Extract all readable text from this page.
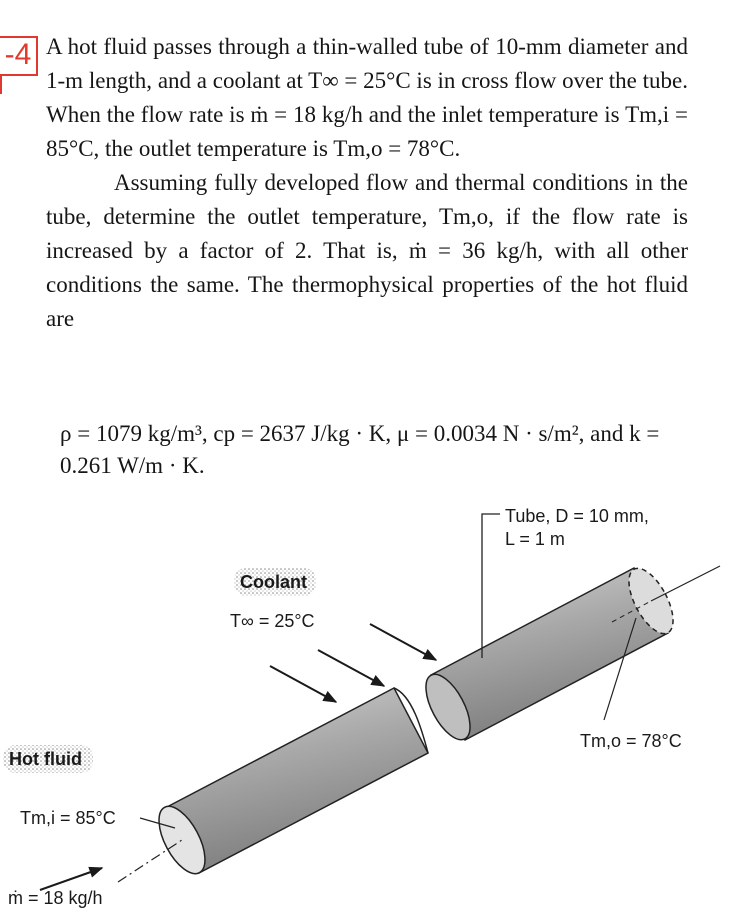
-4 A hot fluid passes through a thin-walled tube of 10-mm diameter and 1-m length, and a coolant at T∞ = 25°C is in cross flow over the tube. When the flow rate is ṁ = 18 kg/h and the inlet temperature is Tm,i = 85°C, the outlet temperature is Tm,o = 78°C.

Assuming fully developed flow and thermal conditions in the tube, determine the outlet temperature, Tm,o, if the flow rate is increased by a factor of 2. That is, ṁ = 36 kg/h, with all other conditions the same. The thermophysical properties of the hot fluid are

ρ = 1079 kg/m³, cp = 2637 J/kg · K, μ = 0.0034 N · s/m², and k = 0.261 W/m · K.
Tube, D = 10 mm,
L = 1 m
Coolant
T∞ = 25°C
Tm,o = 78°C
Hot fluid
Tm,i = 85°C
ṁ = 18 kg/h
